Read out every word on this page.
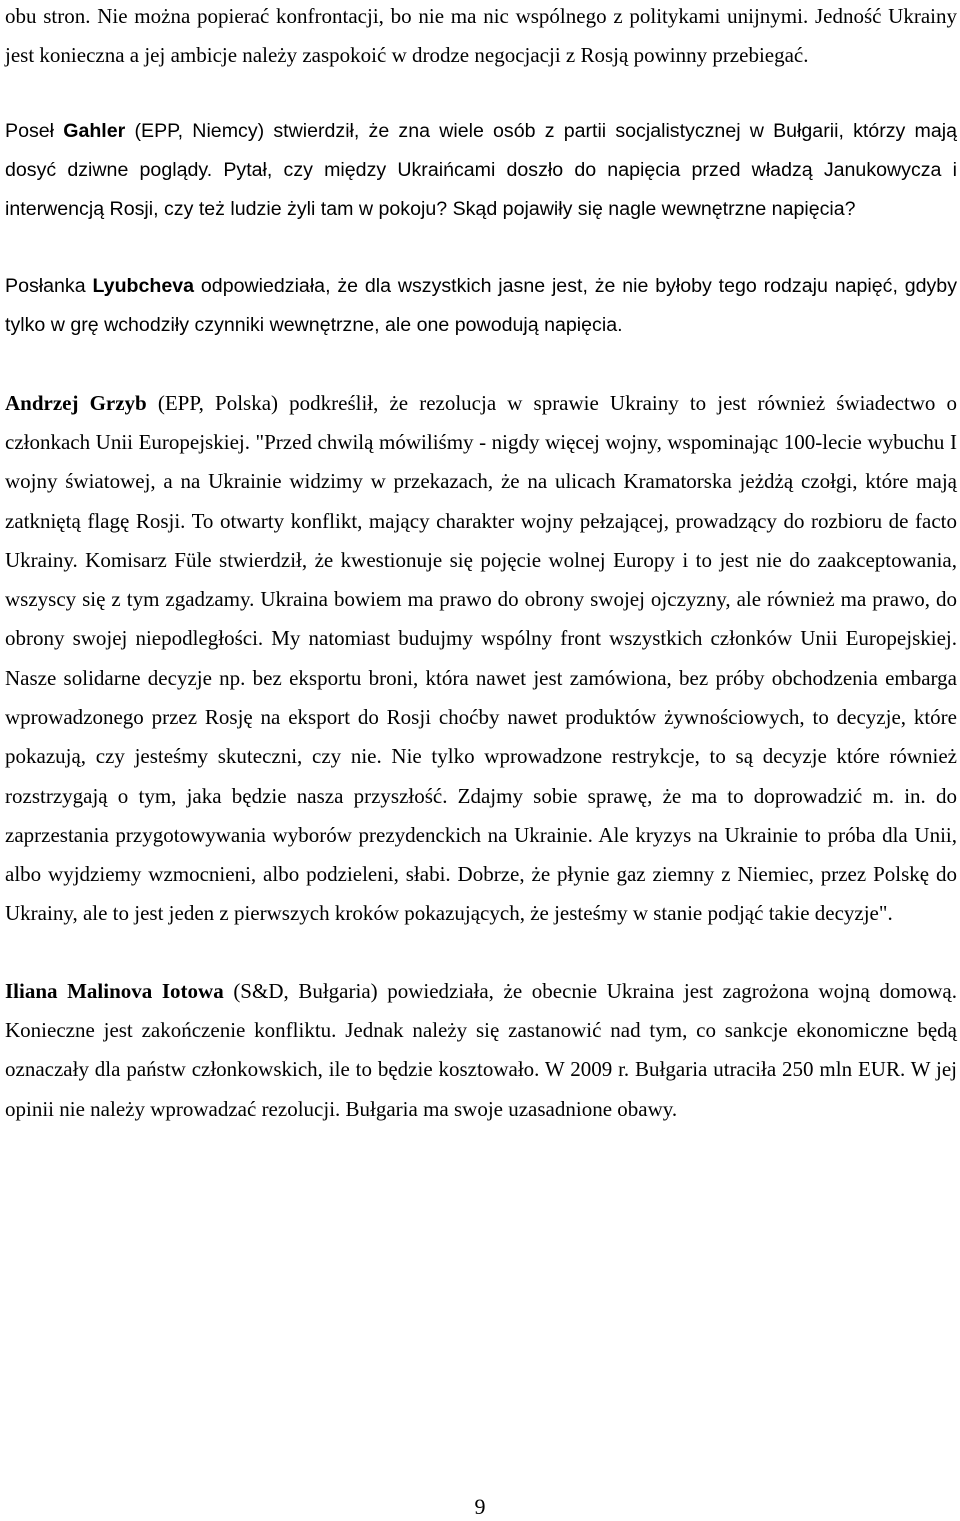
obu stron. Nie można popierać konfrontacji, bo nie ma nic wspólnego z politykami unijnymi. Jedność Ukrainy jest konieczna a jej ambicje należy zaspokoić w drodze negocjacji z Rosją powinny przebiegać.

Poseł Gahler (EPP, Niemcy) stwierdził, że zna wiele osób z partii socjalistycznej w Bułgarii, którzy mają dosyć dziwne poglądy. Pytał, czy między Ukraińcami doszło do napięcia przed władzą Janukowycza i interwencją Rosji, czy też ludzie żyli tam w pokoju? Skąd pojawiły się nagle wewnętrzne napięcia?

Posłanka Lyubcheva odpowiedziała, że dla wszystkich jasne jest, że nie byłoby tego rodzaju napięć, gdyby tylko w grę wchodziły czynniki wewnętrzne, ale one powodują napięcia.

Andrzej Grzyb (EPP, Polska) podkreślił, że rezolucja w sprawie Ukrainy to jest również świadectwo o członkach Unii Europejskiej. "Przed chwilą mówiliśmy - nigdy więcej wojny, wspominając 100-lecie wybuchu I wojny światowej, a na Ukrainie widzimy w przekazach, że na ulicach Kramatorska jeżdżą czołgi, które mają zatkniętą flagę Rosji. To otwarty konflikt, mający charakter wojny pełzającej, prowadzący do rozbioru de facto Ukrainy. Komisarz Füle stwierdził, że kwestionuje się pojęcie wolnej Europy i to jest nie do zaakceptowania, wszyscy się z tym zgadzamy. Ukraina bowiem ma prawo do obrony swojej ojczyzny, ale również ma prawo, do obrony swojej niepodległości. My natomiast budujmy wspólny front wszystkich członków Unii Europejskiej. Nasze solidarne decyzje np. bez eksportu broni, która nawet jest zamówiona, bez próby obchodzenia embarga wprowadzonego przez Rosję na eksport do Rosji choćby nawet produktów żywnościowych, to decyzje, które pokazują, czy jesteśmy skuteczni, czy nie. Nie tylko wprowadzone restrykcje, to są decyzje które również rozstrzygają o tym, jaka będzie nasza przyszłość. Zdajmy sobie sprawę, że ma to doprowadzić m. in. do zaprzestania przygotowywania wyborów prezydenckich na Ukrainie. Ale kryzys na Ukrainie to próba dla Unii, albo wyjdziemy wzmocnieni, albo podzieleni, słabi. Dobrze, że płynie gaz ziemny z Niemiec, przez Polskę do Ukrainy, ale to jest jeden z pierwszych kroków pokazujących, że jesteśmy w stanie podjąć takie decyzje".

Iliana Malinova Iotowa (S&D, Bułgaria) powiedziała, że obecnie Ukraina jest zagrożona wojną domową. Konieczne jest zakończenie konfliktu. Jednak należy się zastanowić nad tym, co sankcje ekonomiczne będą oznaczały dla państw członkowskich, ile to będzie kosztowało. W 2009 r. Bułgaria utraciła 250 mln EUR. W jej opinii nie należy wprowadzać rezolucji. Bułgaria ma swoje uzasadnione obawy.

9
